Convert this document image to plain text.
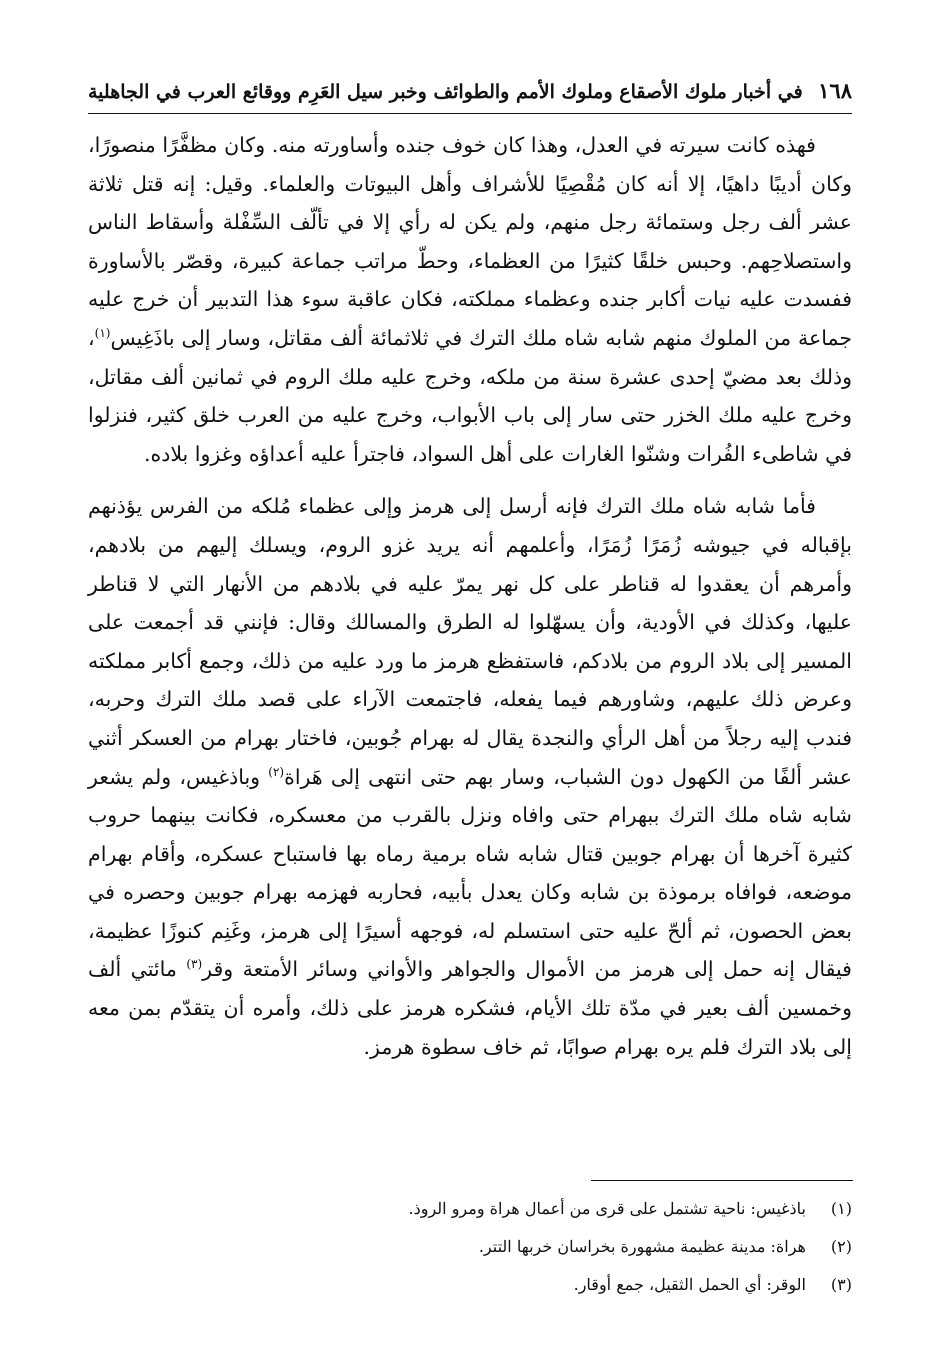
١٦٨
في أخبار ملوك الأصقاع وملوك الأمم والطوائف وخبر سيل العَرِم ووقائع العرب في الجاهلية

فهذه كانت سيرته في العدل، وهذا كان خوف جنده وأساورته منه. وكان مظفَّرًا منصورًا، وكان أديبًا داهيًا، إلا أنه كان مُقْصِيًا للأشراف وأهل البيوتات والعلماء. وقيل: إنه قتل ثلاثة عشر ألف رجل وستمائة رجل منهم، ولم يكن له رأي إلا في تألّف السِّفْلة وأسقاط الناس واستصلاحِهم. وحبس خلقًا كثيرًا من العظماء، وحطّ مراتب جماعة كبيرة، وقصّر بالأساورة ففسدت عليه نيات أكابر جنده وعظماء مملكته، فكان عاقبة سوء هذا التدبير أن خرج عليه جماعة من الملوك منهم شابه شاه ملك الترك في ثلاثمائة ألف مقاتل، وسار إلى باذَغِيس$^{(١)}$، وذلك بعد مضيّ إحدى عشرة سنة من ملكه، وخرج عليه ملك الروم في ثمانين ألف مقاتل، وخرج عليه ملك الخزر حتى سار إلى باب الأبواب، وخرج عليه من العرب خلق كثير، فنزلوا في شاطىء الفُرات وشنّوا الغارات على أهل السواد، فاجترأ عليه أعداؤه وغزوا بلاده.

فأما شابه شاه ملك الترك فإنه أرسل إلى هرمز وإلى عظماء مُلكه من الفرس يؤذنهم بإقباله في جيوشه زُمَرًا زُمَرًا، وأعلمهم أنه يريد غزو الروم، ويسلك إليهم من بلادهم، وأمرهم أن يعقدوا له قناطر على كل نهر يمرّ عليه في بلادهم من الأنهار التي لا قناطر عليها، وكذلك في الأودية، وأن يسهّلوا له الطرق والمسالك وقال: فإنني قد أجمعت على المسير إلى بلاد الروم من بلادكم، فاستفظع هرمز ما ورد عليه من ذلك، وجمع أكابر مملكته وعرض ذلك عليهم، وشاورهم فيما يفعله، فاجتمعت الآراء على قصد ملك الترك وحربه، فندب إليه رجلاً من أهل الرأي والنجدة يقال له بهرام جُوبين، فاختار بهرام من العسكر أثني عشر ألفًا من الكهول دون الشباب، وسار بهم حتى انتهى إلى هَراة$^{(٢)}$ وباذغيس، ولم يشعر شابه شاه ملك الترك ببهرام حتى وافاه ونزل بالقرب من معسكره، فكانت بينهما حروب كثيرة آخرها أن بهرام جوبين قتال شابه شاه برمية رماه بها فاستباح عسكره، وأقام بهرام موضعه، فوافاه برموذة بن شابه وكان يعدل بأبيه، فحاربه فهزمه بهرام جوبين وحصره في بعض الحصون، ثم ألحّ عليه حتى استسلم له، فوجهه أسيرًا إلى هرمز، وغَنِم كنوزًا عظيمة، فيقال إنه حمل إلى هرمز من الأموال والجواهر والأواني وسائر الأمتعة وقر$^{(٣)}$ مائتي ألف وخمسين ألف بعير في مدّة تلك الأيام، فشكره هرمز على ذلك، وأمره أن يتقدّم بمن معه إلى بلاد الترك فلم يره بهرام صوابًا، ثم خاف سطوة هرمز.

(١)
باذغيس: ناحية تشتمل على قرى من أعمال هراة ومرو الروذ.
(٢)
هراة: مدينة عظيمة مشهورة بخراسان خربها التتر.
(٣)
الوقر: أي الحمل الثقيل، جمع أوقار.
